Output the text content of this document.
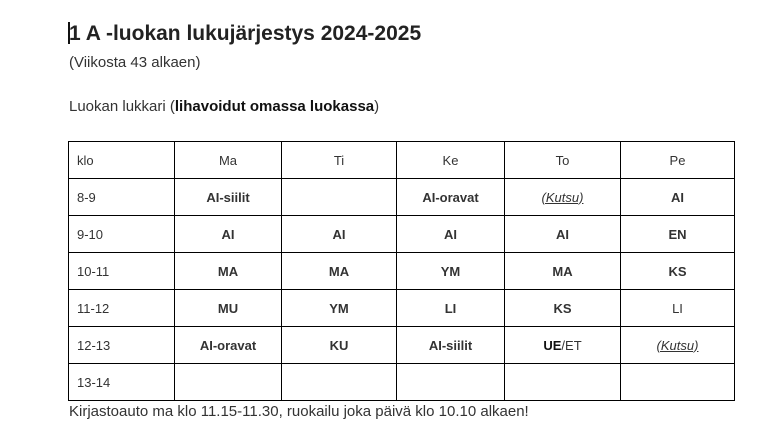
1 A -luokan lukujärjestys 2024-2025
(Viikosta 43 alkaen)
Luokan lukkari (lihavoidut omassa luokassa)
klo	Ma	Ti	Ke	To	Pe
8-9	AI-siilit		AI-oravat	(Kutsu)	AI
9-10	AI	AI	AI	AI	EN
10-11	MA	MA	YM	MA	KS
11-12	MU	YM	LI	KS	LI
12-13	AI-oravat	KU	AI-siilit	UE/ET	(Kutsu)
13-14					
Kirjastoauto ma klo 11.15-11.30, ruokailu joka päivä klo 10.10 alkaen!
